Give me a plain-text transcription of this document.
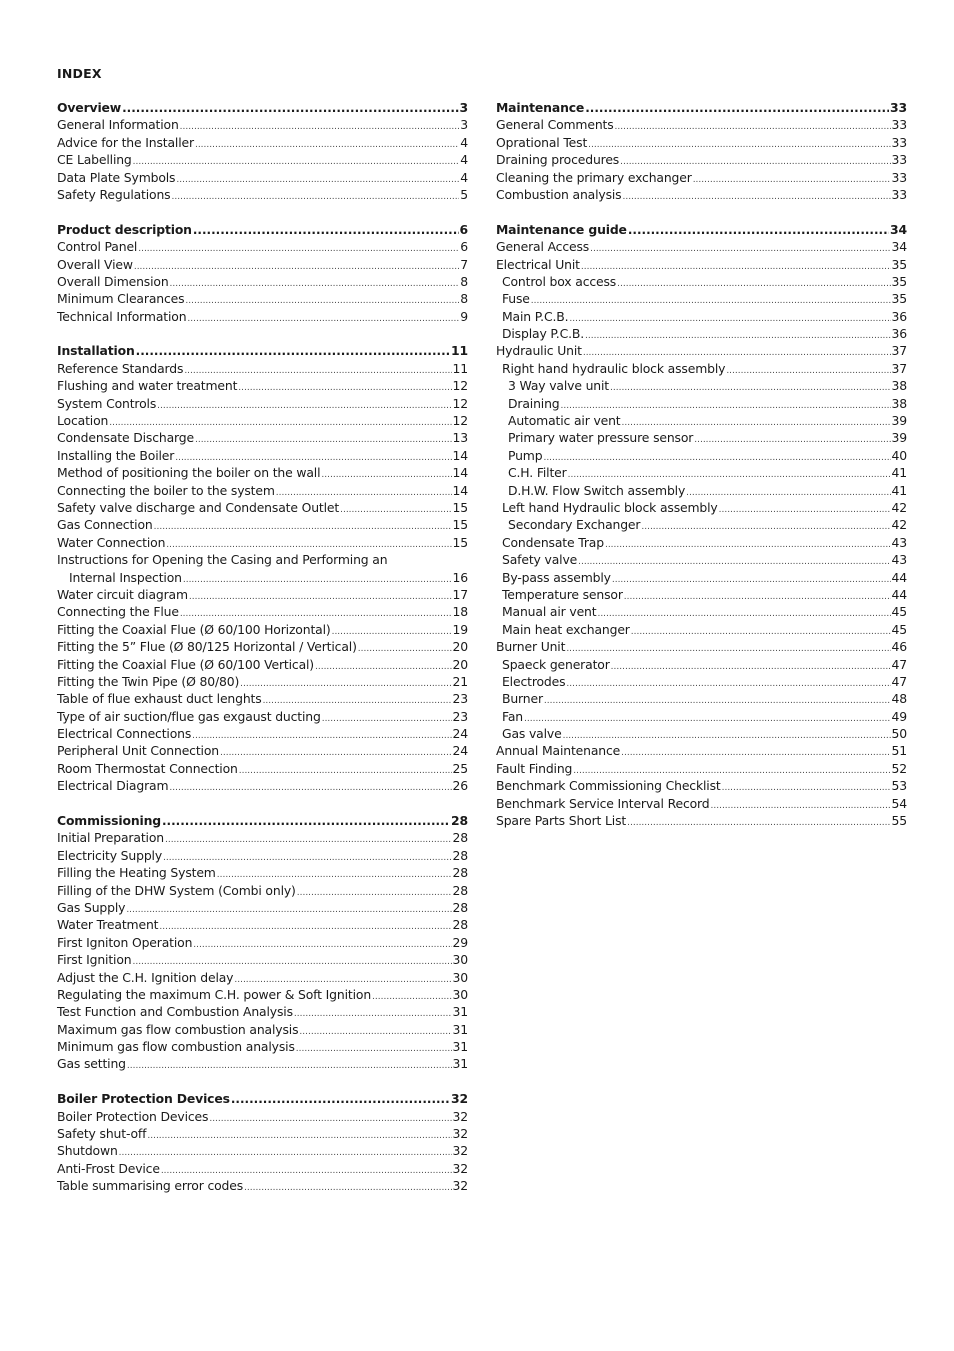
INDEX
Overview .....	3
General Information .....	3
Advice for the Installer .....	4
CE Labelling .....	4
Data Plate Symbols .....	4
Safety Regulations .....	5
Product description .....	6
Control Panel .....	6
Overall View .....	7
Overall Dimension .....	8
Minimum Clearances .....	8
Technical Information .....	9
Installation .....	11
Reference Standards .....	11
Flushing and water treatment .....	12
System Controls .....	12
Location .....	12
Condensate Discharge .....	13
Installing the Boiler .....	14
Method of positioning the boiler on the wall .....	14
Connecting the boiler to the system .....	14
Safety valve discharge and Condensate Outlet .....	15
Gas Connection .....	15
Water Connection .....	15
Instructions for Opening the Casing and Performing an
Internal Inspection .....	16
Water circuit diagram .....	17
Connecting the Flue .....	18
Fitting the Coaxial Flue (Ø 60/100 Horizontal) .....	19
Fitting the 5” Flue (Ø 80/125 Horizontal / Vertical) .....	20
Fitting the Coaxial Flue (Ø 60/100 Vertical) .....	20
Fitting the Twin Pipe (Ø 80/80) .....	21
Table of flue exhaust duct lenghts .....	23
Type of air suction/flue gas exgaust ducting .....	23
Electrical Connections .....	24
Peripheral Unit Connection .....	24
Room Thermostat Connection .....	25
Electrical Diagram .....	26
Commissioning .....	28
Initial Preparation .....	28
Electricity Supply .....	28
Filling the Heating System .....	28
Filling of the DHW System (Combi only) .....	28
Gas Supply .....	28
Water Treatment .....	28
First Igniton Operation .....	29
First Ignition .....	30
Adjust the C.H. Ignition delay .....	30
Regulating the maximum C.H. power & Soft Ignition .....	30
Test Function and Combustion Analysis .....	31
Maximum gas flow combustion analysis .....	31
Minimum gas flow combustion analysis .....	31
Gas setting .....	31
Boiler Protection Devices .....	32
Boiler Protection Devices .....	32
Safety shut-off .....	32
Shutdown .....	32
Anti-Frost Device .....	32
Table summarising error codes .....	32
Maintenance .....	33
General Comments .....	33
Oprational Test .....	33
Draining procedures .....	33
Cleaning the primary exchanger .....	33
Combustion analysis .....	33
Maintenance guide .....	34
General Access .....	34
Electrical Unit .....	35
Control box access .....	35
Fuse .....	35
Main P.C.B. .....	36
Display P.C.B. .....	36
Hydraulic Unit .....	37
Right hand hydraulic block assembly .....	37
3 Way valve unit .....	38
Draining .....	38
Automatic air vent .....	39
Primary water pressure sensor .....	39
Pump .....	40
C.H. Filter .....	41
D.H.W. Flow Switch assembly .....	41
Left hand Hydraulic block assembly .....	42
Secondary Exchanger .....	42
Condensate Trap .....	43
Safety valve .....	43
By-pass assembly .....	44
Temperature sensor .....	44
Manual air vent .....	45
Main heat exchanger .....	45
Burner Unit .....	46
Spaeck generator .....	47
Electrodes .....	47
Burner .....	48
Fan .....	49
Gas valve .....	50
Annual Maintenance .....	51
Fault Finding .....	52
Benchmark Commissioning Checklist .....	53
Benchmark Service Interval Record .....	54
Spare Parts Short List .....	55
